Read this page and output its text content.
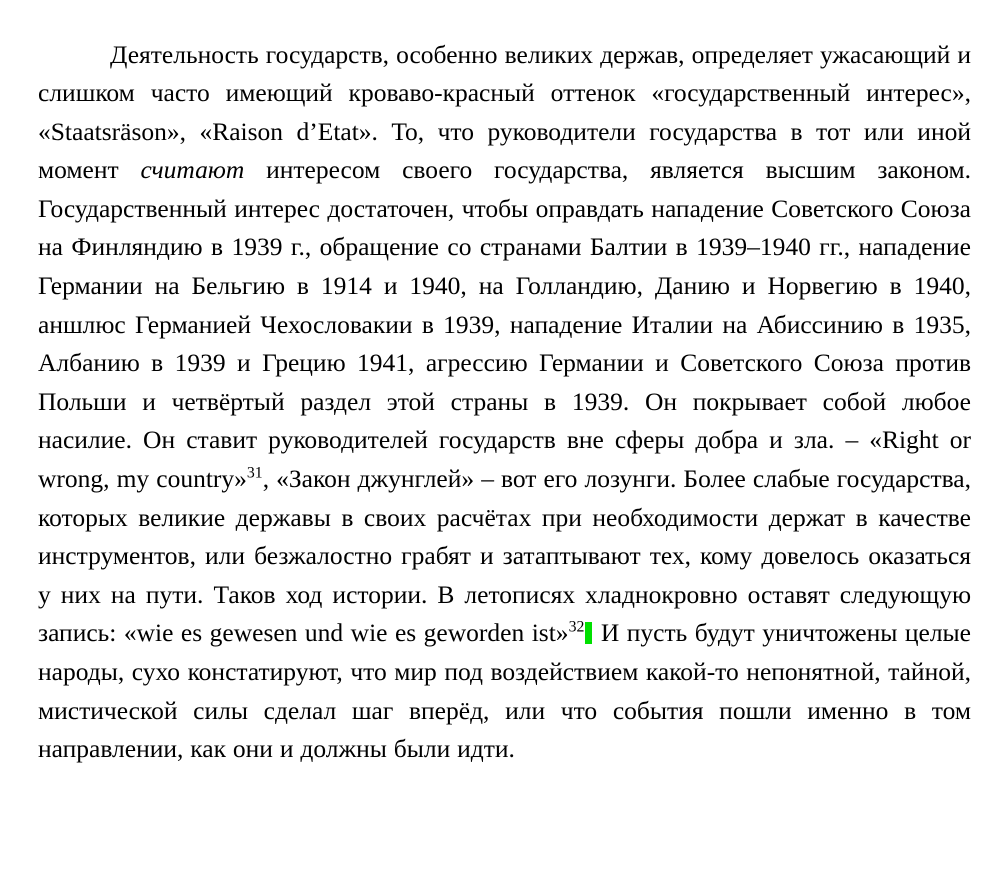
Деятельность государств, особенно великих держав, определяет ужасающий и слишком часто имеющий кроваво-красный оттенок «государственный интерес», «Staatsräson», «Raison d’Etat». То, что руководители государства в тот или иной момент считают интересом своего государства, является высшим законом. Государственный интерес достаточен, чтобы оправдать нападение Советского Союза на Финляндию в 1939 г., обращение со странами Балтии в 1939–1940 гг., нападение Германии на Бельгию в 1914 и 1940, на Голландию, Данию и Норвегию в 1940, аншлюс Германией Чехословакии в 1939, нападение Италии на Абиссинию в 1935, Албанию в 1939 и Грецию 1941, агрессию Германии и Советского Союза против Польши и четвёртый раздел этой страны в 1939. Он покрывает собой любое насилие. Он ставит руководителей государств вне сферы добра и зла. – «Right or wrong, my country»$^{31}$, «Закон джунглей» – вот его лозунги. Более слабые государства, которых великие державы в своих расчётах при необходимости держат в качестве инструментов, или безжалостно грабят и затаптывают тех, кому довелось оказаться у них на пути. Таков ход истории. В летописях хладнокровно оставят следующую запись: «wie es gewesen und wie es geworden ist»$^{32}$ И пусть будут уничтожены целые народы, сухо констатируют, что мир под воздействием какой-то непонятной, тайной, мистической силы сделал шаг вперёд, или что события пошли именно в том направлении, как они и должны были идти.
